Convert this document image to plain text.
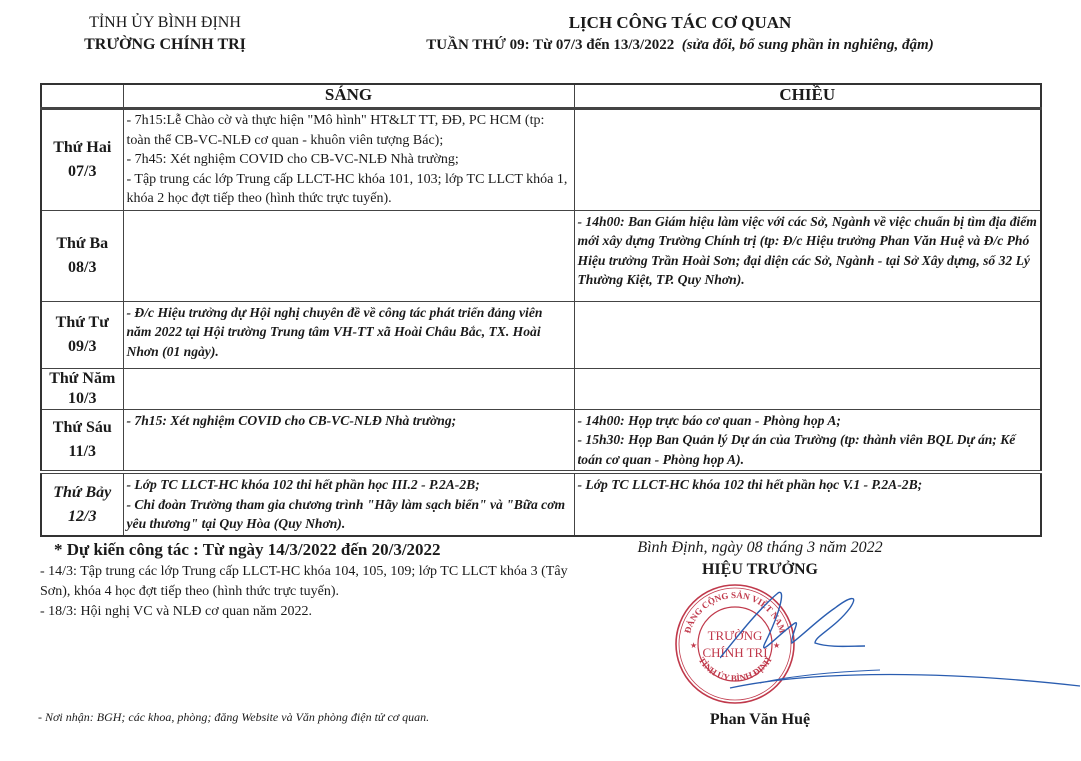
TỈNH ỦY BÌNH ĐỊNH
TRƯỜNG CHÍNH TRỊ
LỊCH CÔNG TÁC CƠ QUAN
TUẦN THỨ 09: Từ 07/3 đến 13/3/2022 (sửa đổi, bổ sung phần in nghiêng, đậm)
	SÁNG	CHIỀU

Thứ Hai
07/3	- 7h15:Lễ Chào cờ và thực hiện "Mô hình" HT&LT TT, ĐĐ, PC HCM (tp: toàn thể CB-VC-NLĐ cơ quan - khuôn viên tượng Bác);
- 7h45: Xét nghiệm COVID cho CB-VC-NLĐ Nhà trường;
- Tập trung các lớp Trung cấp LLCT-HC khóa 101, 103; lớp TC LLCT khóa 1, khóa 2 học đợt tiếp theo (hình thức trực tuyến).	

Thứ Ba
08/3		- 14h00: Ban Giám hiệu làm việc với các Sở, Ngành về việc chuẩn bị tìm địa điểm mới xây dựng Trường Chính trị (tp: Đ/c Hiệu trưởng Phan Văn Huệ và Đ/c Phó Hiệu trưởng Trần Hoài Sơn; đại diện các Sở, Ngành - tại Sở Xây dựng, số 32 Lý Thường Kiệt, TP. Quy Nhơn).

Thứ Tư
09/3	- Đ/c Hiệu trưởng dự Hội nghị chuyên đề về công tác phát triển đảng viên năm 2022 tại Hội trường Trung tâm VH-TT xã Hoài Châu Bắc, TX. Hoài Nhơn (01 ngày).	

Thứ Năm
10/3		

Thứ Sáu
11/3	- 7h15: Xét nghiệm COVID cho CB-VC-NLĐ Nhà trường;	- 14h00: Họp trực báo cơ quan - Phòng họp A;
- 15h30: Họp Ban Quản lý Dự án của Trường (tp: thành viên BQL Dự án; Kế toán cơ quan - Phòng họp A).

Thứ Bảy
12/3	- Lớp TC LLCT-HC khóa 102 thi hết phần học III.2 - P.2A-2B;
- Chi đoàn Trường tham gia chương trình "Hãy làm sạch biển" và "Bữa cơm yêu thương" tại Quy Hòa (Quy Nhơn).	- Lớp TC LLCT-HC khóa 102 thi hết phần học V.1 - P.2A-2B;
* Dự kiến công tác : Từ ngày 14/3/2022 đến 20/3/2022
- 14/3: Tập trung các lớp Trung cấp LLCT-HC khóa 104, 105, 109; lớp TC LLCT khóa 3 (Tây Sơn), khóa 4 học đợt tiếp theo (hình thức trực tuyến).
- 18/3: Hội nghị VC và NLĐ cơ quan năm 2022.
Bình Định, ngày 08 tháng 3 năm 2022
HIỆU TRƯỞNG
Phan Văn Huệ
ĐẢNG CỘNG SẢN VIỆT NAM
TỈNH ỦY BÌNH ĐỊNH
★	★
TRƯỜNG
CHÍNH TRỊ
- Nơi nhận: BGH; các khoa, phòng; đăng Website và Văn phòng điện tử cơ quan.
